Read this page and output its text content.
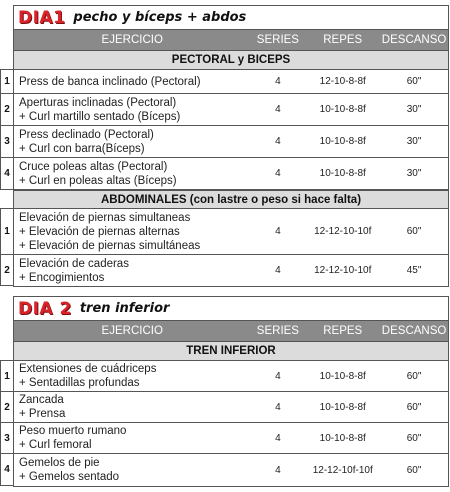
DIA1 pecho y bíceps + abdos
EJERCICIO	SERIES	REPES	DESCANSO
PECTORAL y BICEPS
1 Press de banca inclinado (Pectoral)	4	12-10-8-8f	60"
2
Aperturas inclinadas (Pectoral)
+ Curl martillo sentado (Bíceps)
4	10-10-8-8f	30"
3
Press declinado (Pectoral)
+ Curl con barra(Bíceps)
4	10-10-8-8f	30"
4
Cruce poleas altas (Pectoral)
+ Curl en poleas altas (Bíceps)
4	10-10-8-8f	30"
ABDOMINALES (con lastre o peso si hace falta)
1
Elevación de piernas simultaneas
+ Elevación de piernas alternas
+ Elevación de piernas simultáneas
4	12-12-10-10f	60"
2
Elevación de caderas
+ Encogimientos
4	12-12-10-10f	45"
DIA 2 tren inferior
EJERCICIO	SERIES	REPES	DESCANSO
TREN INFERIOR
1
Extensiones de cuádriceps
+ Sentadillas profundas
4	10-10-8-8f	60"
2
Zancada
+ Prensa
4	10-10-8-8f	60"
3
Peso muerto rumano
+ Curl femoral
4	10-10-8-8f	60"
4
Gemelos de pie
+ Gemelos sentado
4	12-12-10f-10f	60"
